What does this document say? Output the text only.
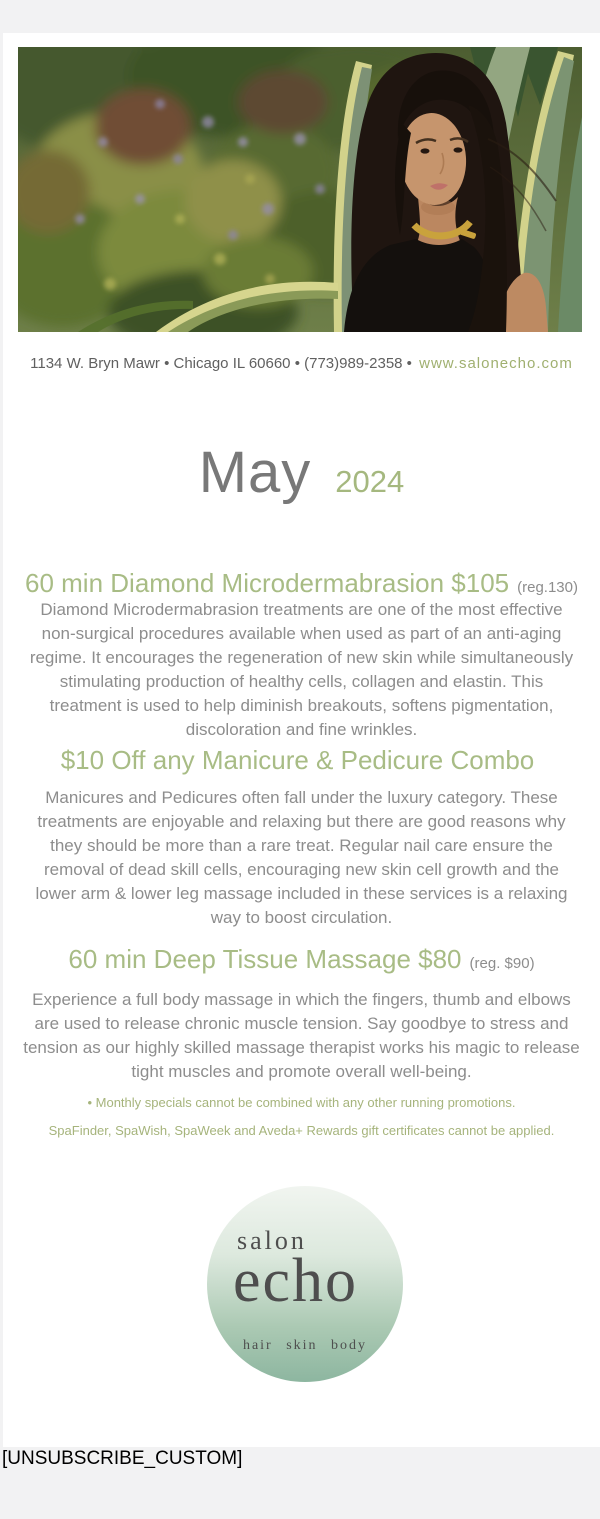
1134 W. Bryn Mawr • Chicago IL 60660 • (773)989-2358 • www.salonecho.com
May 2024
60 min Diamond Microdermabrasion $105 (reg.130)

Diamond Microdermabrasion treatments are one of the most effective non-surgical procedures available when used as part of an anti-aging regime. It encourages the regeneration of new skin while simultaneously stimulating production of healthy cells, collagen and elastin. This treatment is used to help diminish breakouts, softens pigmentation, discoloration and fine wrinkles.

$10 Off any Manicure & Pedicure Combo

Manicures and Pedicures often fall under the luxury category. These treatments are enjoyable and relaxing but there are good reasons why they should be more than a rare treat. Regular nail care ensure the removal of dead skill cells, encouraging new skin cell growth and the lower arm & lower leg massage included in these services is a relaxing way to boost circulation.

60 min Deep Tissue Massage $80 (reg. $90)

Experience a full body massage in which the fingers, thumb and elbows are used to release chronic muscle tension. Say goodbye to stress and tension as our highly skilled massage therapist works his magic to release tight muscles and promote overall well-being.

• Monthly specials cannot be combined with any other running promotions.

SpaFinder, SpaWish, SpaWeek and Aveda+ Rewards gift certificates cannot be applied.

salon
echo
hair skin body
[UNSUBSCRIBE_CUSTOM]
